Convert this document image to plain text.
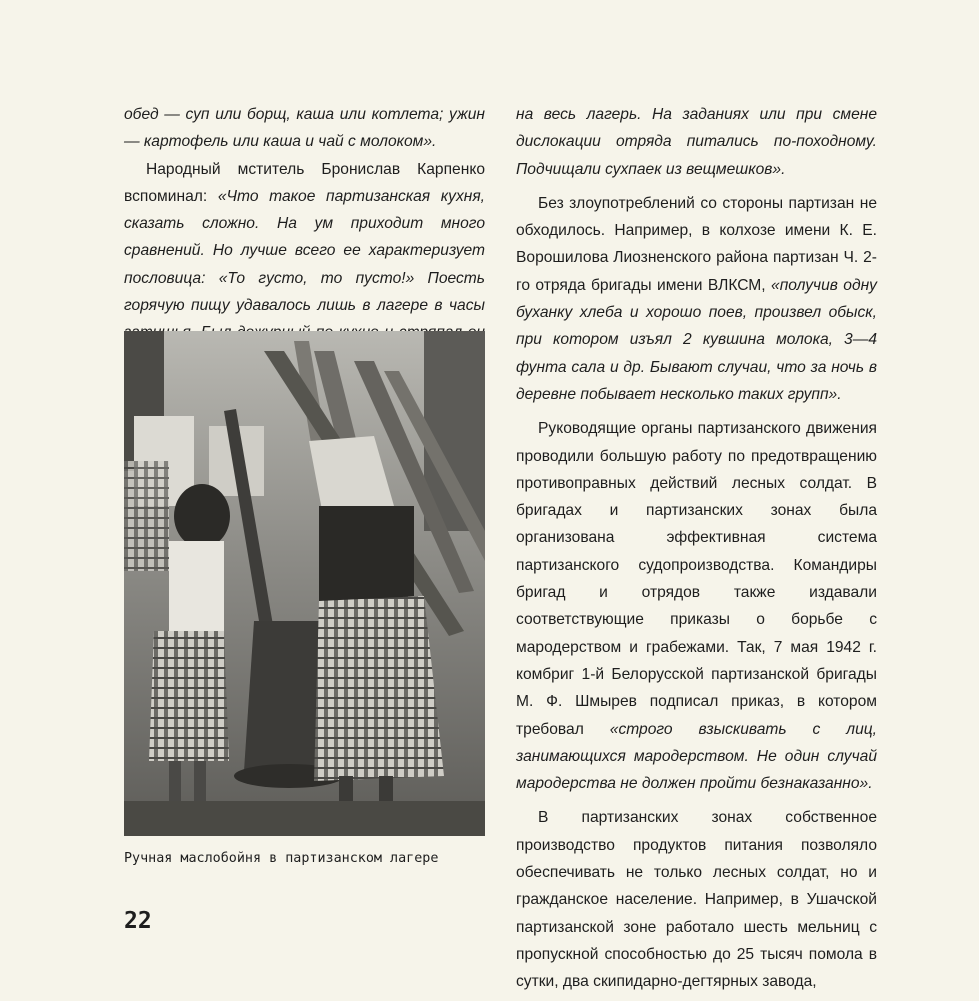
обед — суп или борщ, каша или котлета; ужин — картофель или каша и чай с молоком».

Народный мститель Бронислав Карпенко вспоминал: «Что такое партизанская кухня, сказать сложно. На ум приходит много сравнений. Но лучше всего ее характеризует пословица: «То густо, то пусто!» Поесть горячую пищу удавалось лишь в лагере в часы

Ручная маслобойня в партизанском лагере
22

на весь лагерь. На заданиях или при смене дислокации отряда питались по-походному. Подчищали сухпаек из вещмешков».

Без злоупотреблений со стороны партизан не обходилось. Например, в колхозе имени К. Е. Ворошилова Лиозненского района партизан Ч. 2-го отряда бригады имени ВЛКСМ, «получив одну буханку хлеба и хорошо поев, произвел обыск, при котором изъял 2 кувшина молока, 3—4 фунта сала и др. Бывают случаи, что за ночь в деревне побывает несколько таких групп».

Руководящие органы партизанского движения проводили большую работу по предотвращению противоправных действий лесных солдат. В бригадах и партизанских зонах была организована эффективная система партизанского судопроизводства. Командиры бригад и отрядов также издавали соответствующие приказы о борьбе с мародерством и грабежами. Так, 7 мая 1942 г. комбриг 1-й Белорусской партизанской бригады М. Ф. Шмырев подписал приказ, в котором требовал «строго взыскивать с лиц, занимающихся мародерством. Не один случай мародерства не должен пройти безнаказанно».

В партизанских зонах собственное производство продуктов питания позволяло обеспечивать не только лесных солдат, но и гражданское население. Например, в Ушачской партизанской зоне работало шесть мельниц с пропускной способностью до 25 тысяч помола в сутки, два скипидарно-дегтярных завода,
